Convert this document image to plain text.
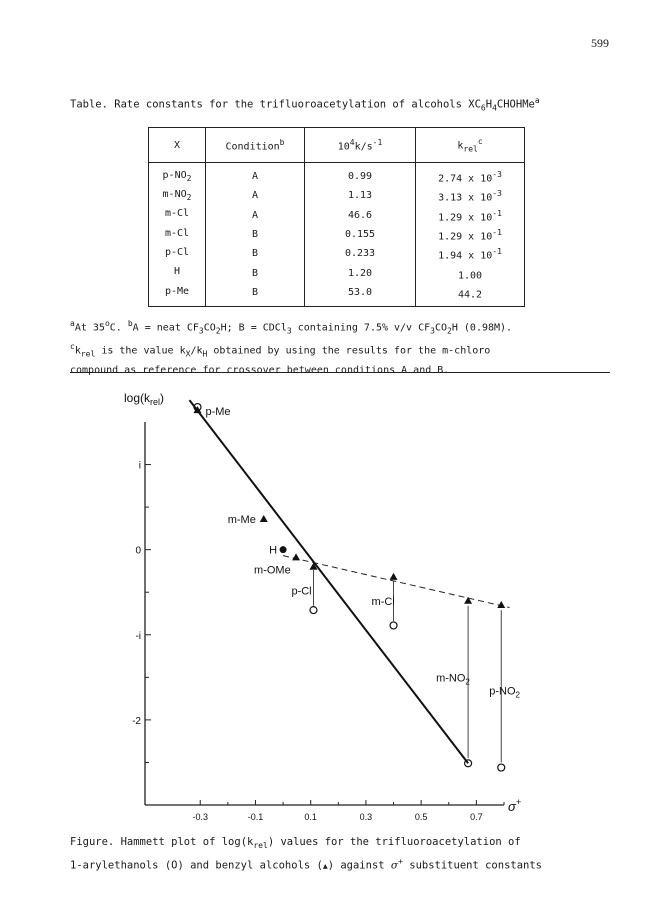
599
Table. Rate constants for the trifluoroacetylation of alcohols $XC_6H_4CHOHMe^a$
X	Condition$^b$	$10^4k/s^{-1}$	$k_{rel}^c$
$p-NO_2$	A	0.99	2.74 x $10^{-3}$
$m-NO_2$	A	1.13	3.13 x $10^{-3}$
m-Cl	A	46.6	1.29 x $10^{-1}$
m-Cl	B	0.155	1.29 x $10^{-1}$
p-Cl	B	0.233	1.94 x $10^{-1}$
H	B	1.20	1.00
p-Me	B	53.0	44.2
$^a$At 35$^o$C. $^b$A = neat $CF_3CO_2H$; B = CDCl$_3$ containing 7.5% v/v $CF_3CO_2H$ (0.98M).
$^ck_{rel}$ is the value $k_X/k_H$ obtained by using the results for the m-chloro
compound as reference for crossover between conditions A and B.
$\log(k_{rel})$
σ+
-0.3	-0.1	0.1	0.3	0.5	0.7
i
0
-i
-2
p-Me
m-Me
H
m-OMe
p-Cl
m-Cl
$m-NO_2$
$p-NO_2$
Figure. Hammett plot of $\log(k_{rel})$ values for the trifluoroacetylation of
1-arylethanols (O) and benzyl alcohols (▲) against σ+ substituent constants
